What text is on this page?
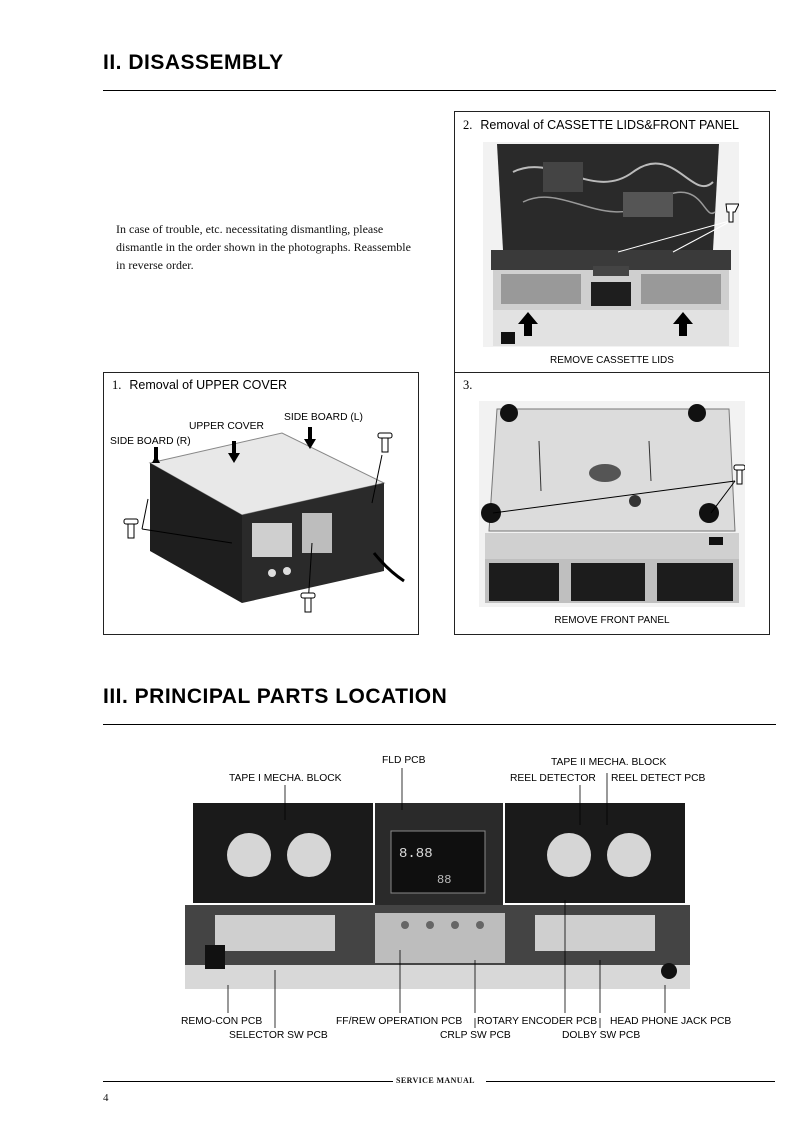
II. DISASSEMBLY
In case of trouble, etc. necessitating dismantling, please dismantle in the order shown in the photographs. Reassemble in reverse order.
2. Removal of CASSETTE LIDS&FRONT PANEL
REMOVE CASSETTE LIDS
1. Removal of UPPER COVER
UPPER COVER
SIDE BOARD (L)
SIDE BOARD (R)
3.
REMOVE FRONT PANEL
III. PRINCIPAL PARTS LOCATION
8.88
88
FLD PCB
TAPE I MECHA. BLOCK
TAPE II MECHA. BLOCK
REEL DETECTOR REEL DETECT PCB
REMO-CON PCB
SELECTOR SW PCB
FF/REW OPERATION PCB
CRLP SW PCB
ROTARY ENCODER PCB
DOLBY SW PCB
HEAD PHONE JACK PCB
SERVICE MANUAL
4
